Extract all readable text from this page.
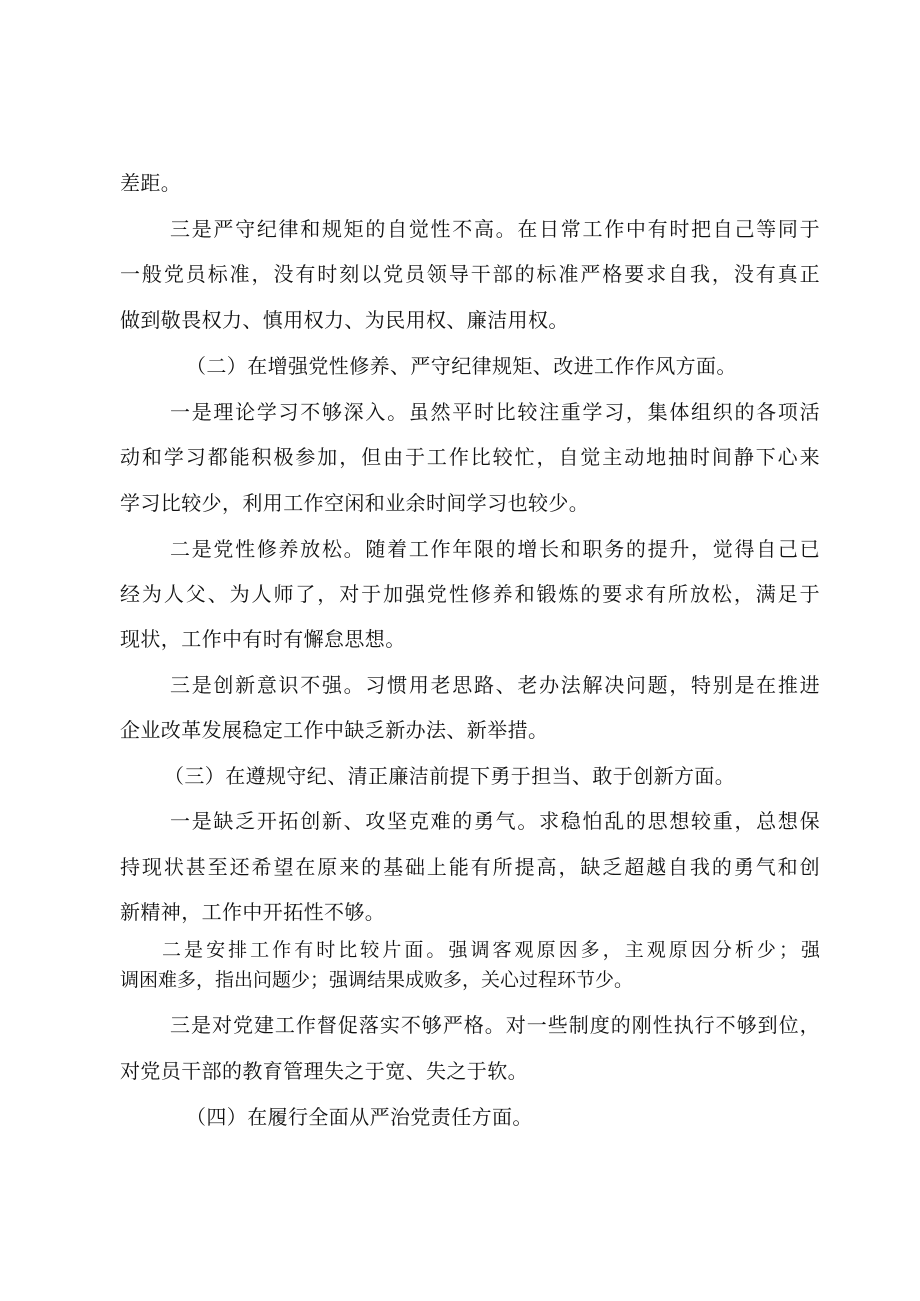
差距。
三是严守纪律和规矩的自觉性不高。在日常工作中有时把自己等同于
一般党员标准，没有时刻以党员领导干部的标准严格要求自我，没有真正
做到敬畏权力、慎用权力、为民用权、廉洁用权。
（二）在增强党性修养、严守纪律规矩、改进工作作风方面。
一是理论学习不够深入。虽然平时比较注重学习，集体组织的各项活
动和学习都能积极参加，但由于工作比较忙，自觉主动地抽时间静下心来
学习比较少，利用工作空闲和业余时间学习也较少。
二是党性修养放松。随着工作年限的增长和职务的提升，觉得自己已
经为人父、为人师了，对于加强党性修养和锻炼的要求有所放松，满足于
现状，工作中有时有懈怠思想。
三是创新意识不强。习惯用老思路、老办法解决问题，特别是在推进
企业改革发展稳定工作中缺乏新办法、新举措。
（三）在遵规守纪、清正廉洁前提下勇于担当、敢于创新方面。
一是缺乏开拓创新、攻坚克难的勇气。求稳怕乱的思想较重，总想保
持现状甚至还希望在原来的基础上能有所提高，缺乏超越自我的勇气和创
新精神，工作中开拓性不够。
二是安排工作有时比较片面。强调客观原因多，主观原因分析少；强
调困难多，指出问题少；强调结果成败多，关心过程环节少。
三是对党建工作督促落实不够严格。对一些制度的刚性执行不够到位，
对党员干部的教育管理失之于宽、失之于软。
（四）在履行全面从严治党责任方面。
